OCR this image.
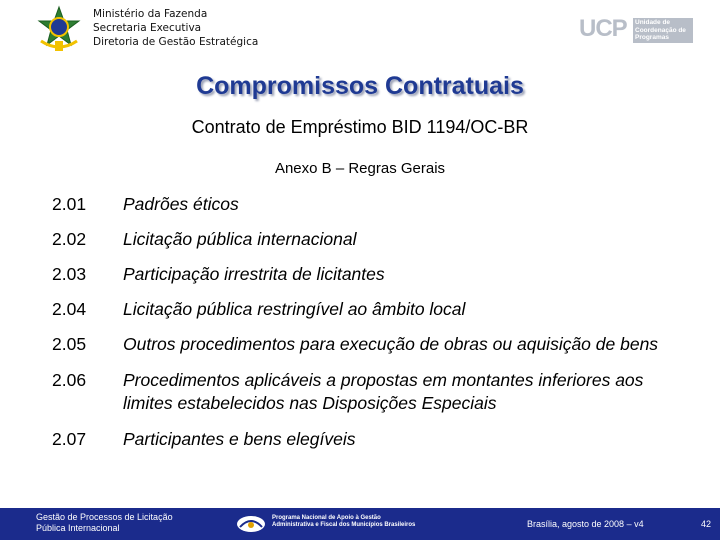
Ministério da Fazenda
Secretaria Executiva
Diretoria de Gestão Estratégica	UCP	Unidade de Coordenação de Programas
Compromissos Contratuais
Contrato de Empréstimo BID 1194/OC-BR
Anexo B – Regras Gerais
2.01	Padrões éticos
2.02	Licitação pública internacional
2.03	Participação irrestrita de licitantes
2.04	Licitação pública restringível ao âmbito local
2.05	Outros procedimentos para execução de obras ou aquisição de bens
2.06	Procedimentos aplicáveis a propostas em montantes inferiores aos limites estabelecidos nas Disposições Especiais
2.07	Participantes e bens elegíveis
Gestão de Processos de Licitação
Pública Internacional
Programa Nacional de Apoio à Gestão
Administrativa e Fiscal dos Municípios Brasileiros	Brasília, agosto de 2008 – v4	42
